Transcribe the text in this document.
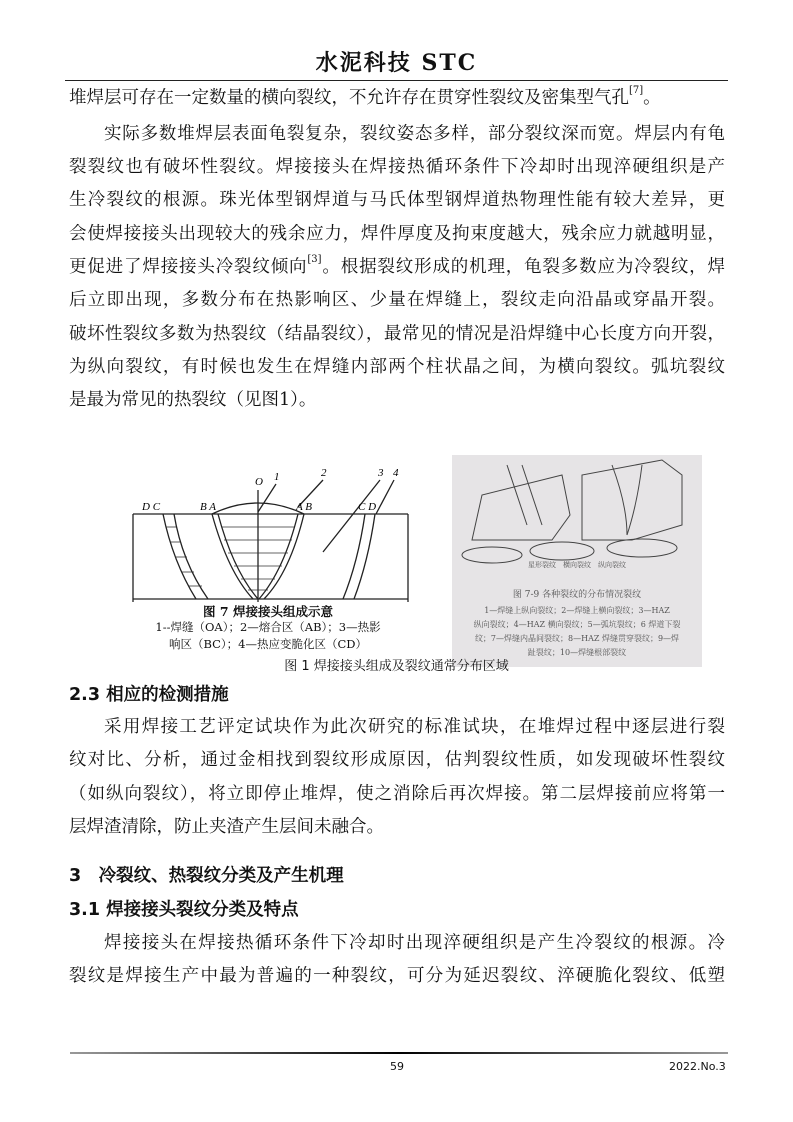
水泥科技 STC
堆焊层可存在一定数量的横向裂纹，不允许存在贯穿性裂纹及密集型气孔[7]。
实际多数堆焊层表面龟裂复杂，裂纹姿态多样，部分裂纹深而宽。焊层内有龟
裂裂纹也有破坏性裂纹。焊接接头在焊接热循环条件下冷却时出现淬硬组织是产
生冷裂纹的根源。珠光体型钢焊道与马氏体型钢焊道热物理性能有较大差异，更
会使焊接接头出现较大的残余应力，焊件厚度及拘束度越大，残余应力就越明显，
更促进了焊接接头冷裂纹倾向[3]。根据裂纹形成的机理，龟裂多数应为冷裂纹，焊
后立即出现，多数分布在热影响区、少量在焊缝上，裂纹走向沿晶或穿晶开裂。
破坏性裂纹多数为热裂纹（结晶裂纹），最常见的情况是沿焊缝中心长度方向开裂，
为纵向裂纹，有时候也发生在焊缝内部两个柱状晶之间，为横向裂纹。弧坑裂纹
是最为常见的热裂纹（见图1）。
O 1	2	3 4
D C	B A	A B	C D
图 7 焊接接头组成示意
1--焊缝（OA）；2—熔合区（AB）；3—热影
响区（BC）；4—热应变脆化区（CD）
星形裂纹　 横向裂纹　 纵向裂纹
图 7-9 各种裂纹的分布情况裂纹
1—焊缝上纵向裂纹；2—焊缝上横向裂纹；3—HAZ
纵向裂纹；4—HAZ 横向裂纹；5—弧坑裂纹；6 焊道下裂
纹；7—焊缝内晶间裂纹；8—HAZ 焊缝贯穿裂纹；9—焊
趾裂纹；10—焊缝根部裂纹
图 1 焊接接头组成及裂纹通常分布区域
2.3 相应的检测措施
采用焊接工艺评定试块作为此次研究的标准试块，在堆焊过程中逐层进行裂
纹对比、分析，通过金相找到裂纹形成原因，估判裂纹性质，如发现破坏性裂纹
（如纵向裂纹），将立即停止堆焊，使之消除后再次焊接。第二层焊接前应将第一
层焊渣清除，防止夹渣产生层间未融合。
3　冷裂纹、热裂纹分类及产生机理
3.1 焊接接头裂纹分类及特点
焊接接头在焊接热循环条件下冷却时出现淬硬组织是产生冷裂纹的根源。冷
裂纹是焊接生产中最为普遍的一种裂纹，可分为延迟裂纹、淬硬脆化裂纹、低塑
59	2022.No.3
